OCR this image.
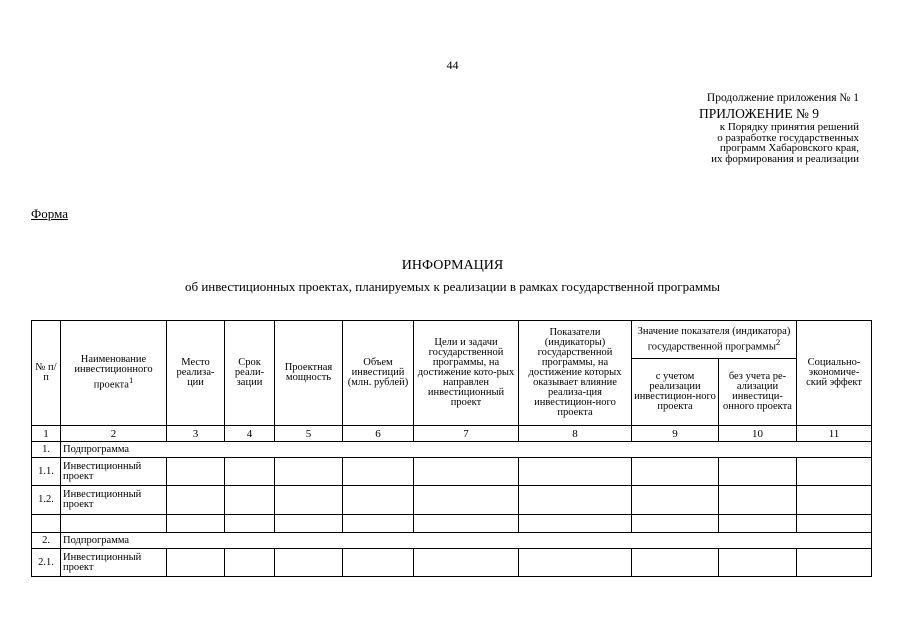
44
Продолжение приложения № 1
ПРИЛОЖЕНИЕ № 9
к Порядку принятия решений
о разработке государственных
программ Хабаровского края,
их формирования и реализации
Форма
ИНФОРМАЦИЯ
об инвестиционных проектах, планируемых к реализации в рамках государственной программы
№ п/п	Наименование инвестиционного проекта$^1$	Место реализа-ции	Срок реали-зации	Проектная мощность	Объем инвестиций (млн. рублей)	Цели и задачи государственной программы, на достижение кото-рых направлен инвестиционный проект	Показатели (индикаторы) государственной программы, на достижение которых оказывает влияние реализа-ция инвестицион-ного проекта	Значение показателя (индикатора) государственной программы$^2$		Социально-экономиче-ский эффект
								с учетом реализации инвестицион-ного проекта	без учета ре-ализации инвестици-онного проекта	
1	2	3	4	5	6	7	8	9	10	11
1.	Подпрограмма									
1.1.	Инвестиционный проект									
1.2.	Инвестиционный проект									

2.	Подпрограмма									
2.1.	Инвестиционный проект									
